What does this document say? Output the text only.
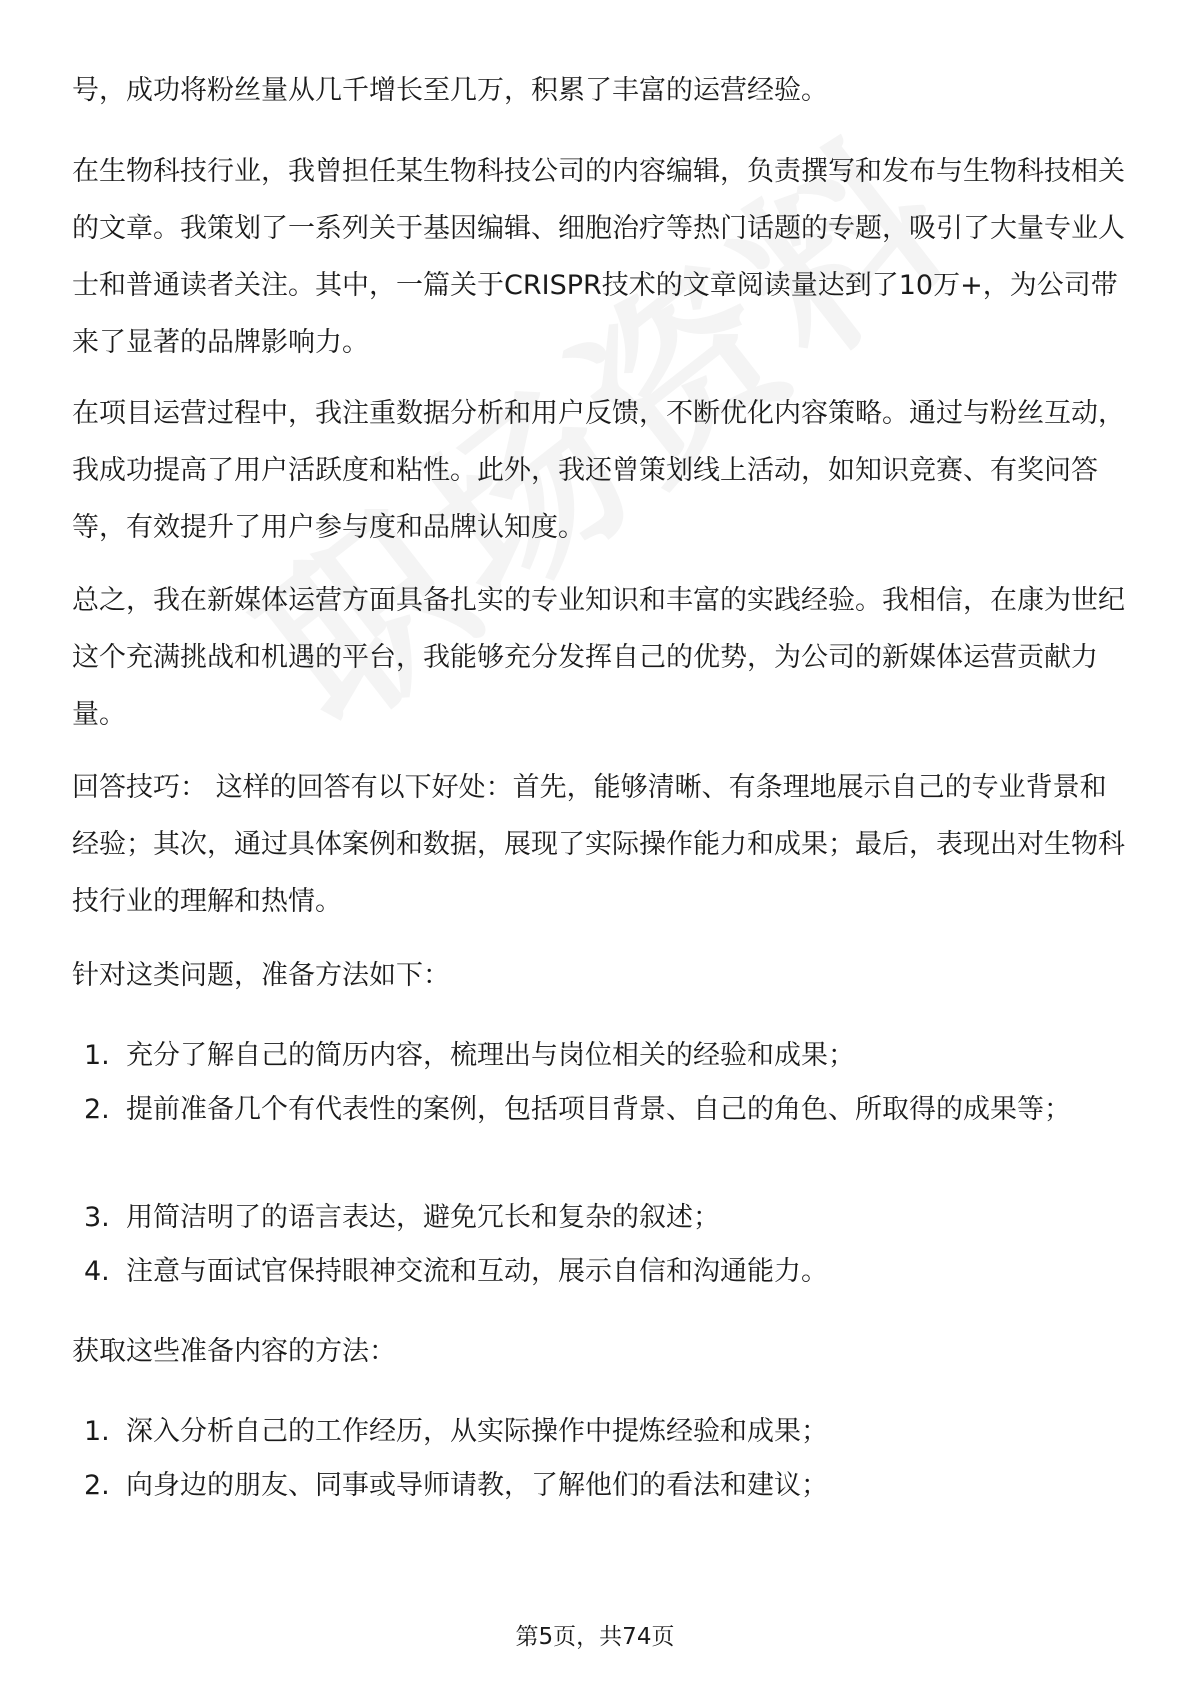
号，成功将粉丝量从几千增长至几万，积累了丰富的运营经验。

在生物科技行业，我曾担任某生物科技公司的内容编辑，负责撰写和发布与生物科技相关的文章。我策划了一系列关于基因编辑、细胞治疗等热门话题的专题，吸引了大量专业人士和普通读者关注。其中，一篇关于CRISPR技术的文章阅读量达到了10万+，为公司带来了显著的品牌影响力。

在项目运营过程中，我注重数据分析和用户反馈，不断优化内容策略。通过与粉丝互动，我成功提高了用户活跃度和粘性。此外，我还曾策划线上活动，如知识竞赛、有奖问答等，有效提升了用户参与度和品牌认知度。

总之，我在新媒体运营方面具备扎实的专业知识和丰富的实践经验。我相信，在康为世纪这个充满挑战和机遇的平台，我能够充分发挥自己的优势，为公司的新媒体运营贡献力量。

回答技巧： 这样的回答有以下好处：首先，能够清晰、有条理地展示自己的专业背景和经验；其次，通过具体案例和数据，展现了实际操作能力和成果；最后，表现出对生物科技行业的理解和热情。

针对这类问题，准备方法如下：

1. 充分了解自己的简历内容，梳理出与岗位相关的经验和成果；

2. 提前准备几个有代表性的案例，包括项目背景、自己的角色、所取得的成果等；

3. 用简洁明了的语言表达，避免冗长和复杂的叙述；

4. 注意与面试官保持眼神交流和互动，展示自信和沟通能力。

获取这些准备内容的方法：

1. 深入分析自己的工作经历，从实际操作中提炼经验和成果；

2. 向身边的朋友、同事或导师请教，了解他们的看法和建议；

第5页，共74页
